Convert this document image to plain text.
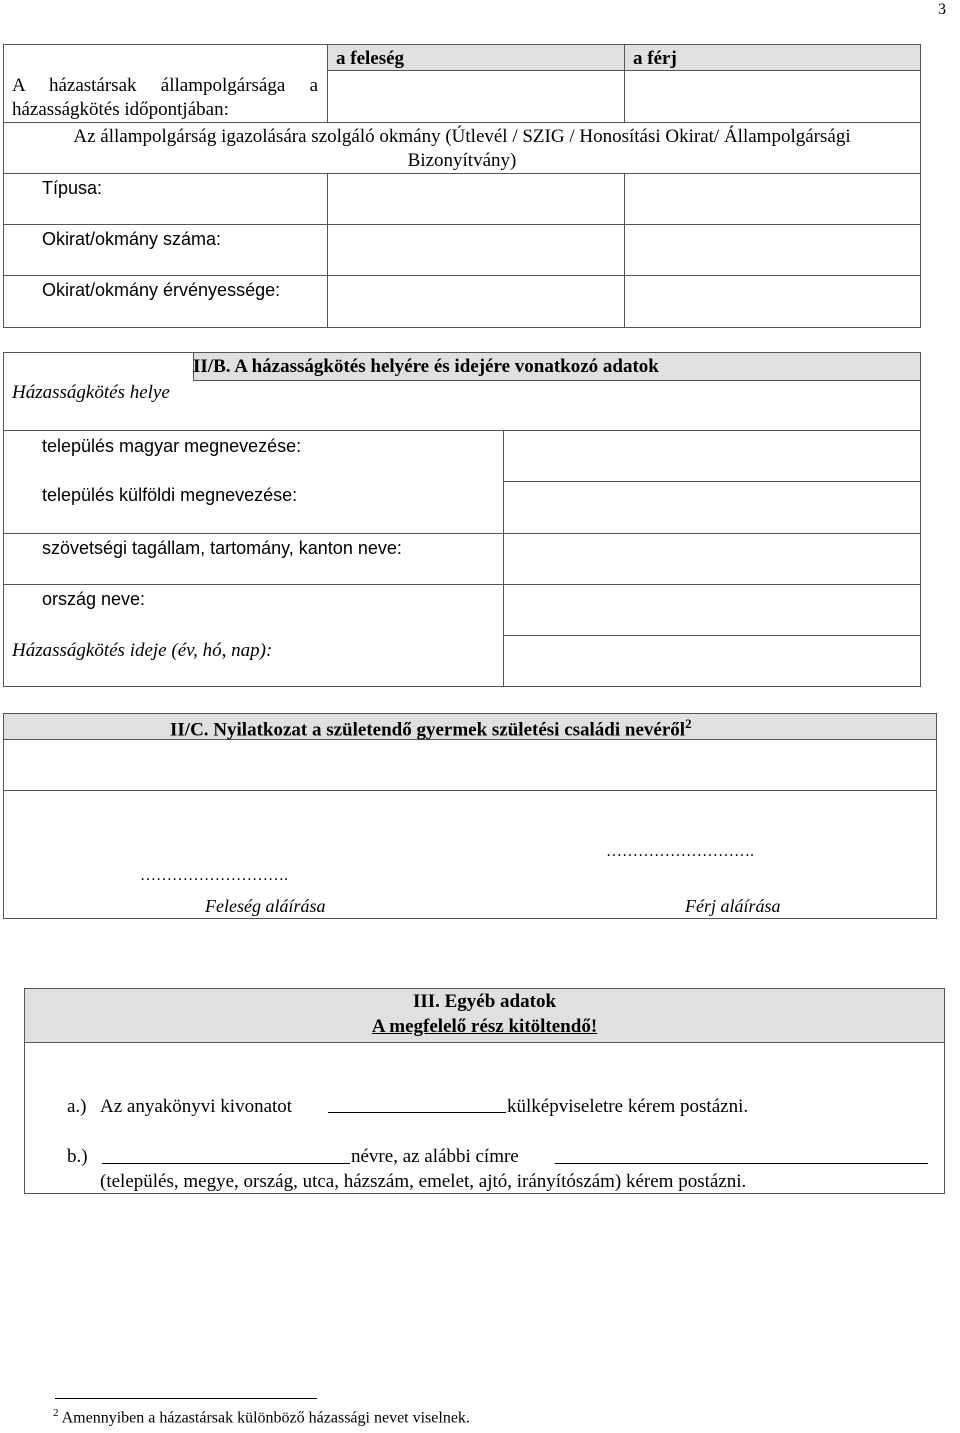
3
a feleség	a férj
A házastársak állampolgársága a házasságkötés időpontjában:
Az állampolgárság igazolására szolgáló okmány (Útlevél / SZIG / Honosítási Okirat/ Állampolgársági
Bizonyítvány)
Típusa:
Okirat/okmány száma:
Okirat/okmány érvényessége:
II/B. A házasságkötés helyére és idejére vonatkozó adatok
Házasságkötés helye
település magyar megnevezése:
település külföldi megnevezése:
szövetségi tagállam, tartomány, kanton neve:
ország neve:
Házasságkötés ideje (év, hó, nap):
II/C. Nyilatkozat a születendő gyermek születési családi nevéről$^2$
……………………….
……………………….
Feleség aláírása	Férj aláírása
III. Egyéb adatok
A megfelelő rész kitöltendő!
a.) Az anyakönyvi kivonatot	külképviseletre kérem postázni.
b.)	névre, az alábbi címre
(település, megye, ország, utca, házszám, emelet, ajtó, irányítószám) kérem postázni.
$^2$ Amennyiben a házastársak különböző házassági nevet viselnek.
